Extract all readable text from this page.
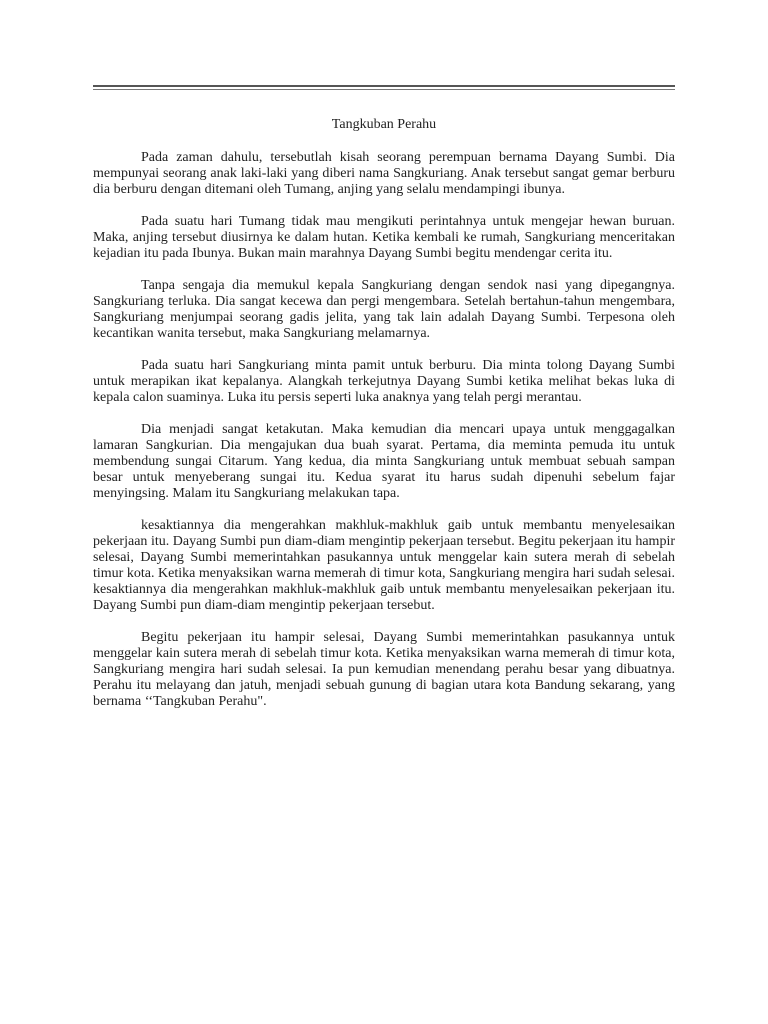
Tangkuban Perahu

Pada zaman dahulu, tersebutlah kisah seorang perempuan bernama Dayang Sumbi. Dia mempunyai seorang anak laki-laki yang diberi nama Sangkuriang. Anak tersebut sangat gemar berburu dia berburu dengan ditemani oleh Tumang, anjing yang selalu mendampingi ibunya.

Pada suatu hari Tumang tidak mau mengikuti perintahnya untuk mengejar hewan buruan. Maka, anjing tersebut diusirnya ke dalam hutan. Ketika kembali ke rumah, Sangkuriang menceritakan kejadian itu pada Ibunya. Bukan main marahnya Dayang Sumbi begitu mendengar cerita itu.

Tanpa sengaja dia memukul kepala Sangkuriang dengan sendok nasi yang dipegangnya. Sangkuriang terluka. Dia sangat kecewa dan pergi mengembara. Setelah bertahun-tahun mengembara, Sangkuriang menjumpai seorang gadis jelita, yang tak lain adalah Dayang Sumbi. Terpesona oleh kecantikan wanita tersebut, maka Sangkuriang melamarnya.

Pada suatu hari Sangkuriang minta pamit untuk berburu. Dia minta tolong Dayang Sumbi untuk merapikan ikat kepalanya. Alangkah terkejutnya Dayang Sumbi ketika melihat bekas luka di kepala calon suaminya. Luka itu persis seperti luka anaknya yang telah pergi merantau.

Dia menjadi sangat ketakutan. Maka kemudian dia mencari upaya untuk menggagalkan lamaran Sangkurian. Dia mengajukan dua buah syarat. Pertama, dia meminta pemuda itu untuk membendung sungai Citarum. Yang kedua, dia minta Sangkuriang untuk membuat sebuah sampan besar untuk menyeberang sungai itu. Kedua syarat itu harus sudah dipenuhi sebelum fajar menyingsing. Malam itu Sangkuriang melakukan tapa.

kesaktiannya dia mengerahkan makhluk-makhluk gaib untuk membantu menyelesaikan pekerjaan itu. Dayang Sumbi pun diam-diam mengintip pekerjaan tersebut. Begitu pekerjaan itu hampir selesai, Dayang Sumbi memerintahkan pasukannya untuk menggelar kain sutera merah di sebelah timur kota. Ketika menyaksikan warna memerah di timur kota, Sangkuriang mengira hari sudah selesai. kesaktiannya dia mengerahkan makhluk-makhluk gaib untuk membantu menyelesaikan pekerjaan itu. Dayang Sumbi pun diam-diam mengintip pekerjaan tersebut.

Begitu pekerjaan itu hampir selesai, Dayang Sumbi memerintahkan pasukannya untuk menggelar kain sutera merah di sebelah timur kota. Ketika menyaksikan warna memerah di timur kota, Sangkuriang mengira hari sudah selesai. Ia pun kemudian menendang perahu besar yang dibuatnya. Perahu itu melayang dan jatuh, menjadi sebuah gunung di bagian utara kota Bandung sekarang, yang bernama ‘‘Tangkuban Perahu".
